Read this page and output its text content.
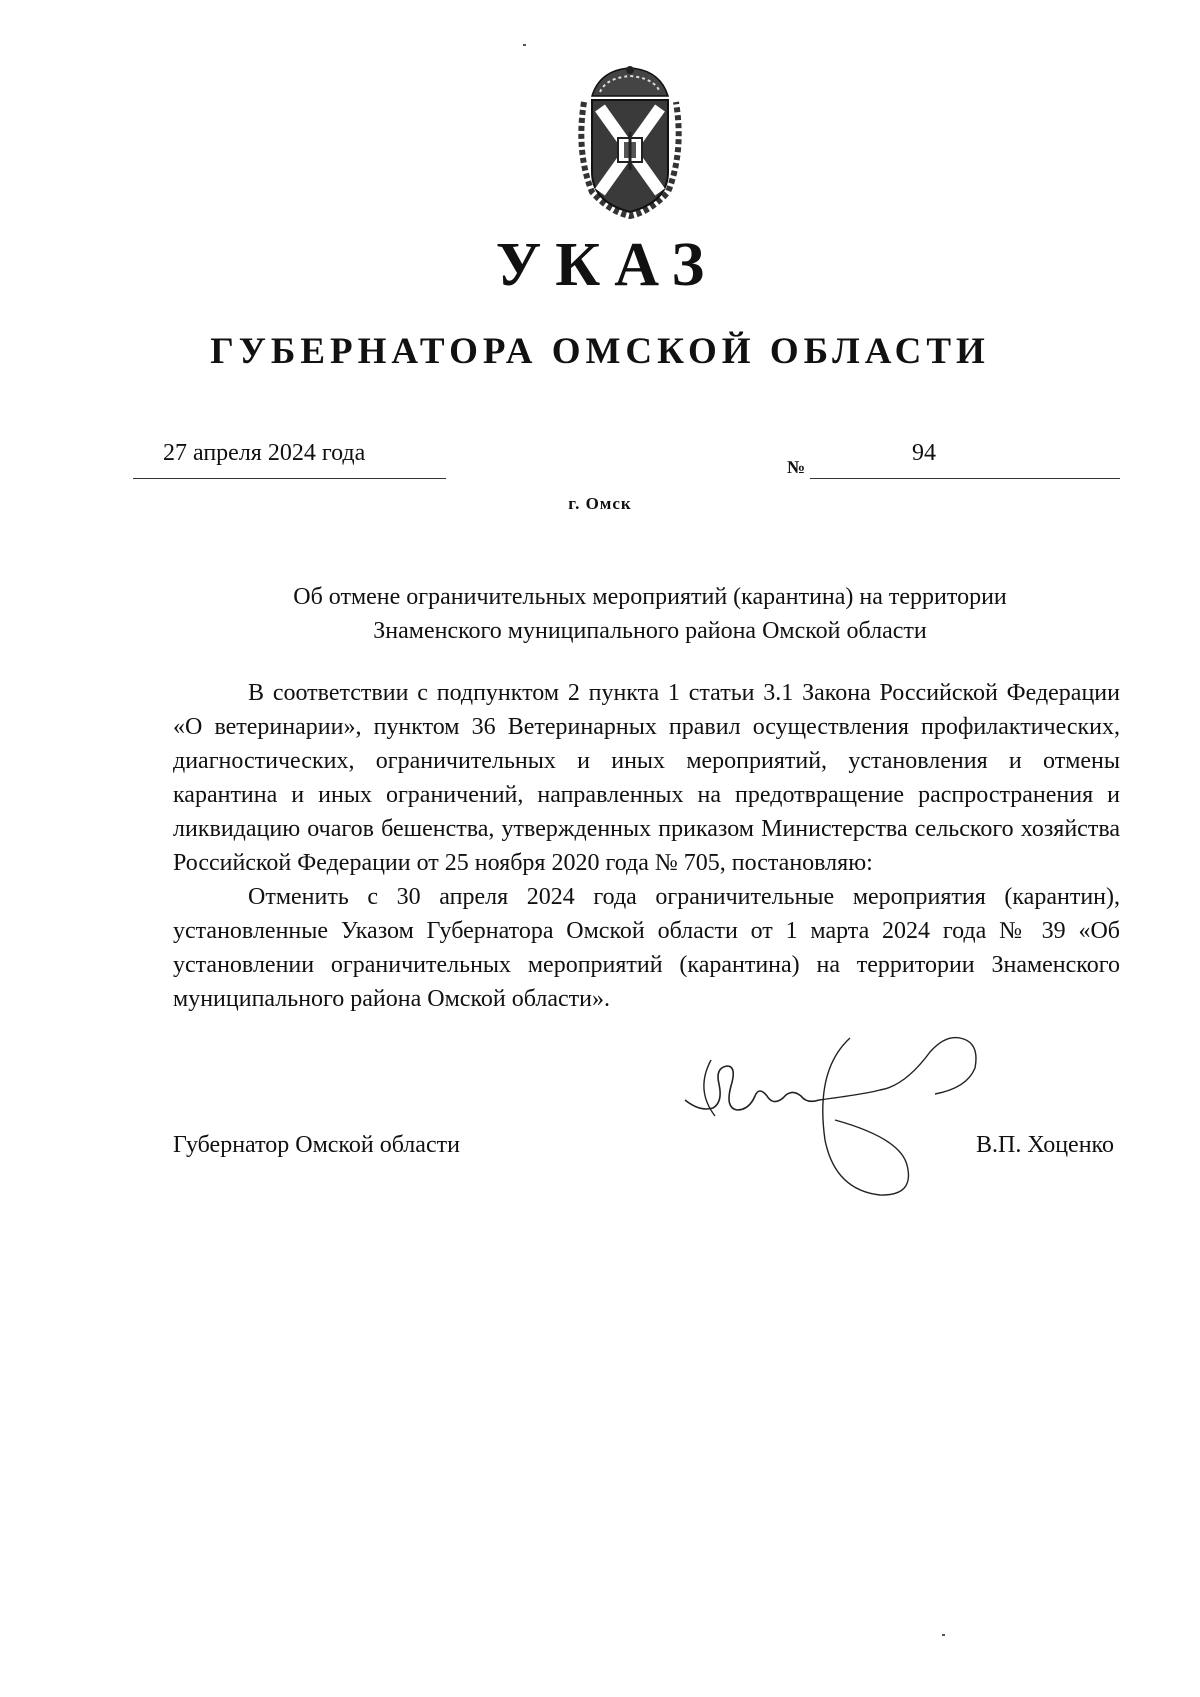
УКАЗ
ГУБЕРНАТОРА ОМСКОЙ ОБЛАСТИ
27 апреля 2024 года
№
94
г. Омск
Об отмене ограничительных мероприятий (карантина) на территории
Знаменского муниципального района Омской области

В соответствии с подпунктом 2 пункта 1 статьи 3.1 Закона Российской Федерации «О ветеринарии», пунктом 36 Ветеринарных правил осуществления профилактических, диагностических, ограничительных и иных мероприятий, установления и отмены карантина и иных ограничений, направленных на предотвращение распространения и ликвидацию очагов бешенства, утвержденных приказом Министерства сельского хозяйства Российской Федерации от 25 ноября 2020 года № 705, постановляю:

Отменить с 30 апреля 2024 года ограничительные мероприятия (карантин), установленные Указом Губернатора Омской области от 1 марта 2024 года № 39 «Об установлении ограничительных мероприятий (карантина) на территории Знаменского муниципального района Омской области».

Губернатор Омской области	В.П. Хоценко
